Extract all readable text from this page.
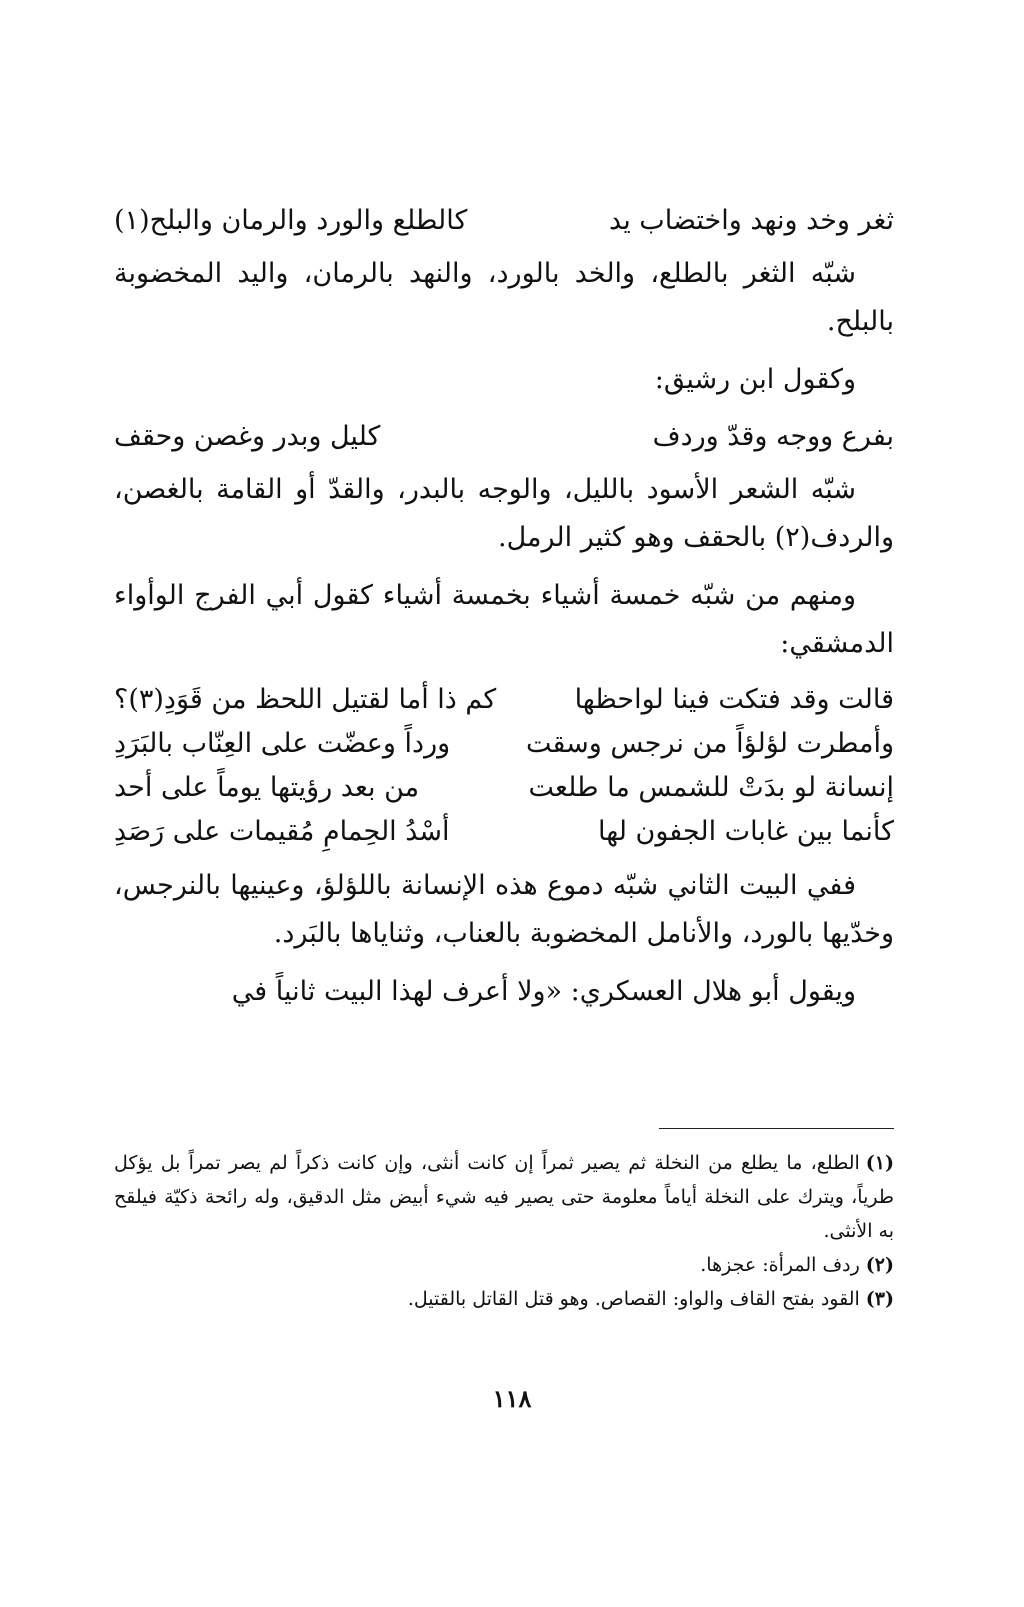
ثغر وخد ونهد واختضاب يد
كالطلع والورد والرمان والبلح(١)

شبّه الثغر بالطلع، والخد بالورد، والنهد بالرمان، واليد المخضوبة بالبلح.

وكقول ابن رشيق:

بفرع ووجه وقدّ وردف
كليل وبدر وغصن وحقف

شبّه الشعر الأسود بالليل، والوجه بالبدر، والقدّ أو القامة بالغصن، والردف(٢) بالحقف وهو كثير الرمل.

ومنهم من شبّه خمسة أشياء بخمسة أشياء كقول أبي الفرج الوأواء الدمشقي:

قالت وقد فتكت فينا لواحظها
كم ذا أما لقتيل اللحظ من قَوَدِ(٣)؟
وأمطرت لؤلؤاً من نرجس وسقت
ورداً وعضّت على العِنّاب بالبَرَدِ
إنسانة لو بدَتْ للشمس ما طلعت
من بعد رؤيتها يوماً على أحد
كأنما بين غابات الجفون لها
أسْدُ الحِمامِ مُقيمات على رَصَدِ

ففي البيت الثاني شبّه دموع هذه الإنسانة باللؤلؤ، وعينيها بالنرجس، وخدّيها بالورد، والأنامل المخضوبة بالعناب، وثناياها بالبَرد.

ويقول أبو هلال العسكري: «ولا أعرف لهذا البيت ثانياً في

(١)الطلع، ما يطلع من النخلة ثم يصير ثمراً إن كانت أنثى، وإن كانت ذكراً لم يصر تمراً بل يؤكل طرياً، ويترك على النخلة أياماً معلومة حتى يصير فيه شيء أبيض مثل الدقيق، وله رائحة ذكيّة فيلقح به الأنثى.

(٢)ردف المرأة: عجزها.

(٣)القود بفتح القاف والواو: القصاص. وهو قتل القاتل بالقتيل.

١١٨
